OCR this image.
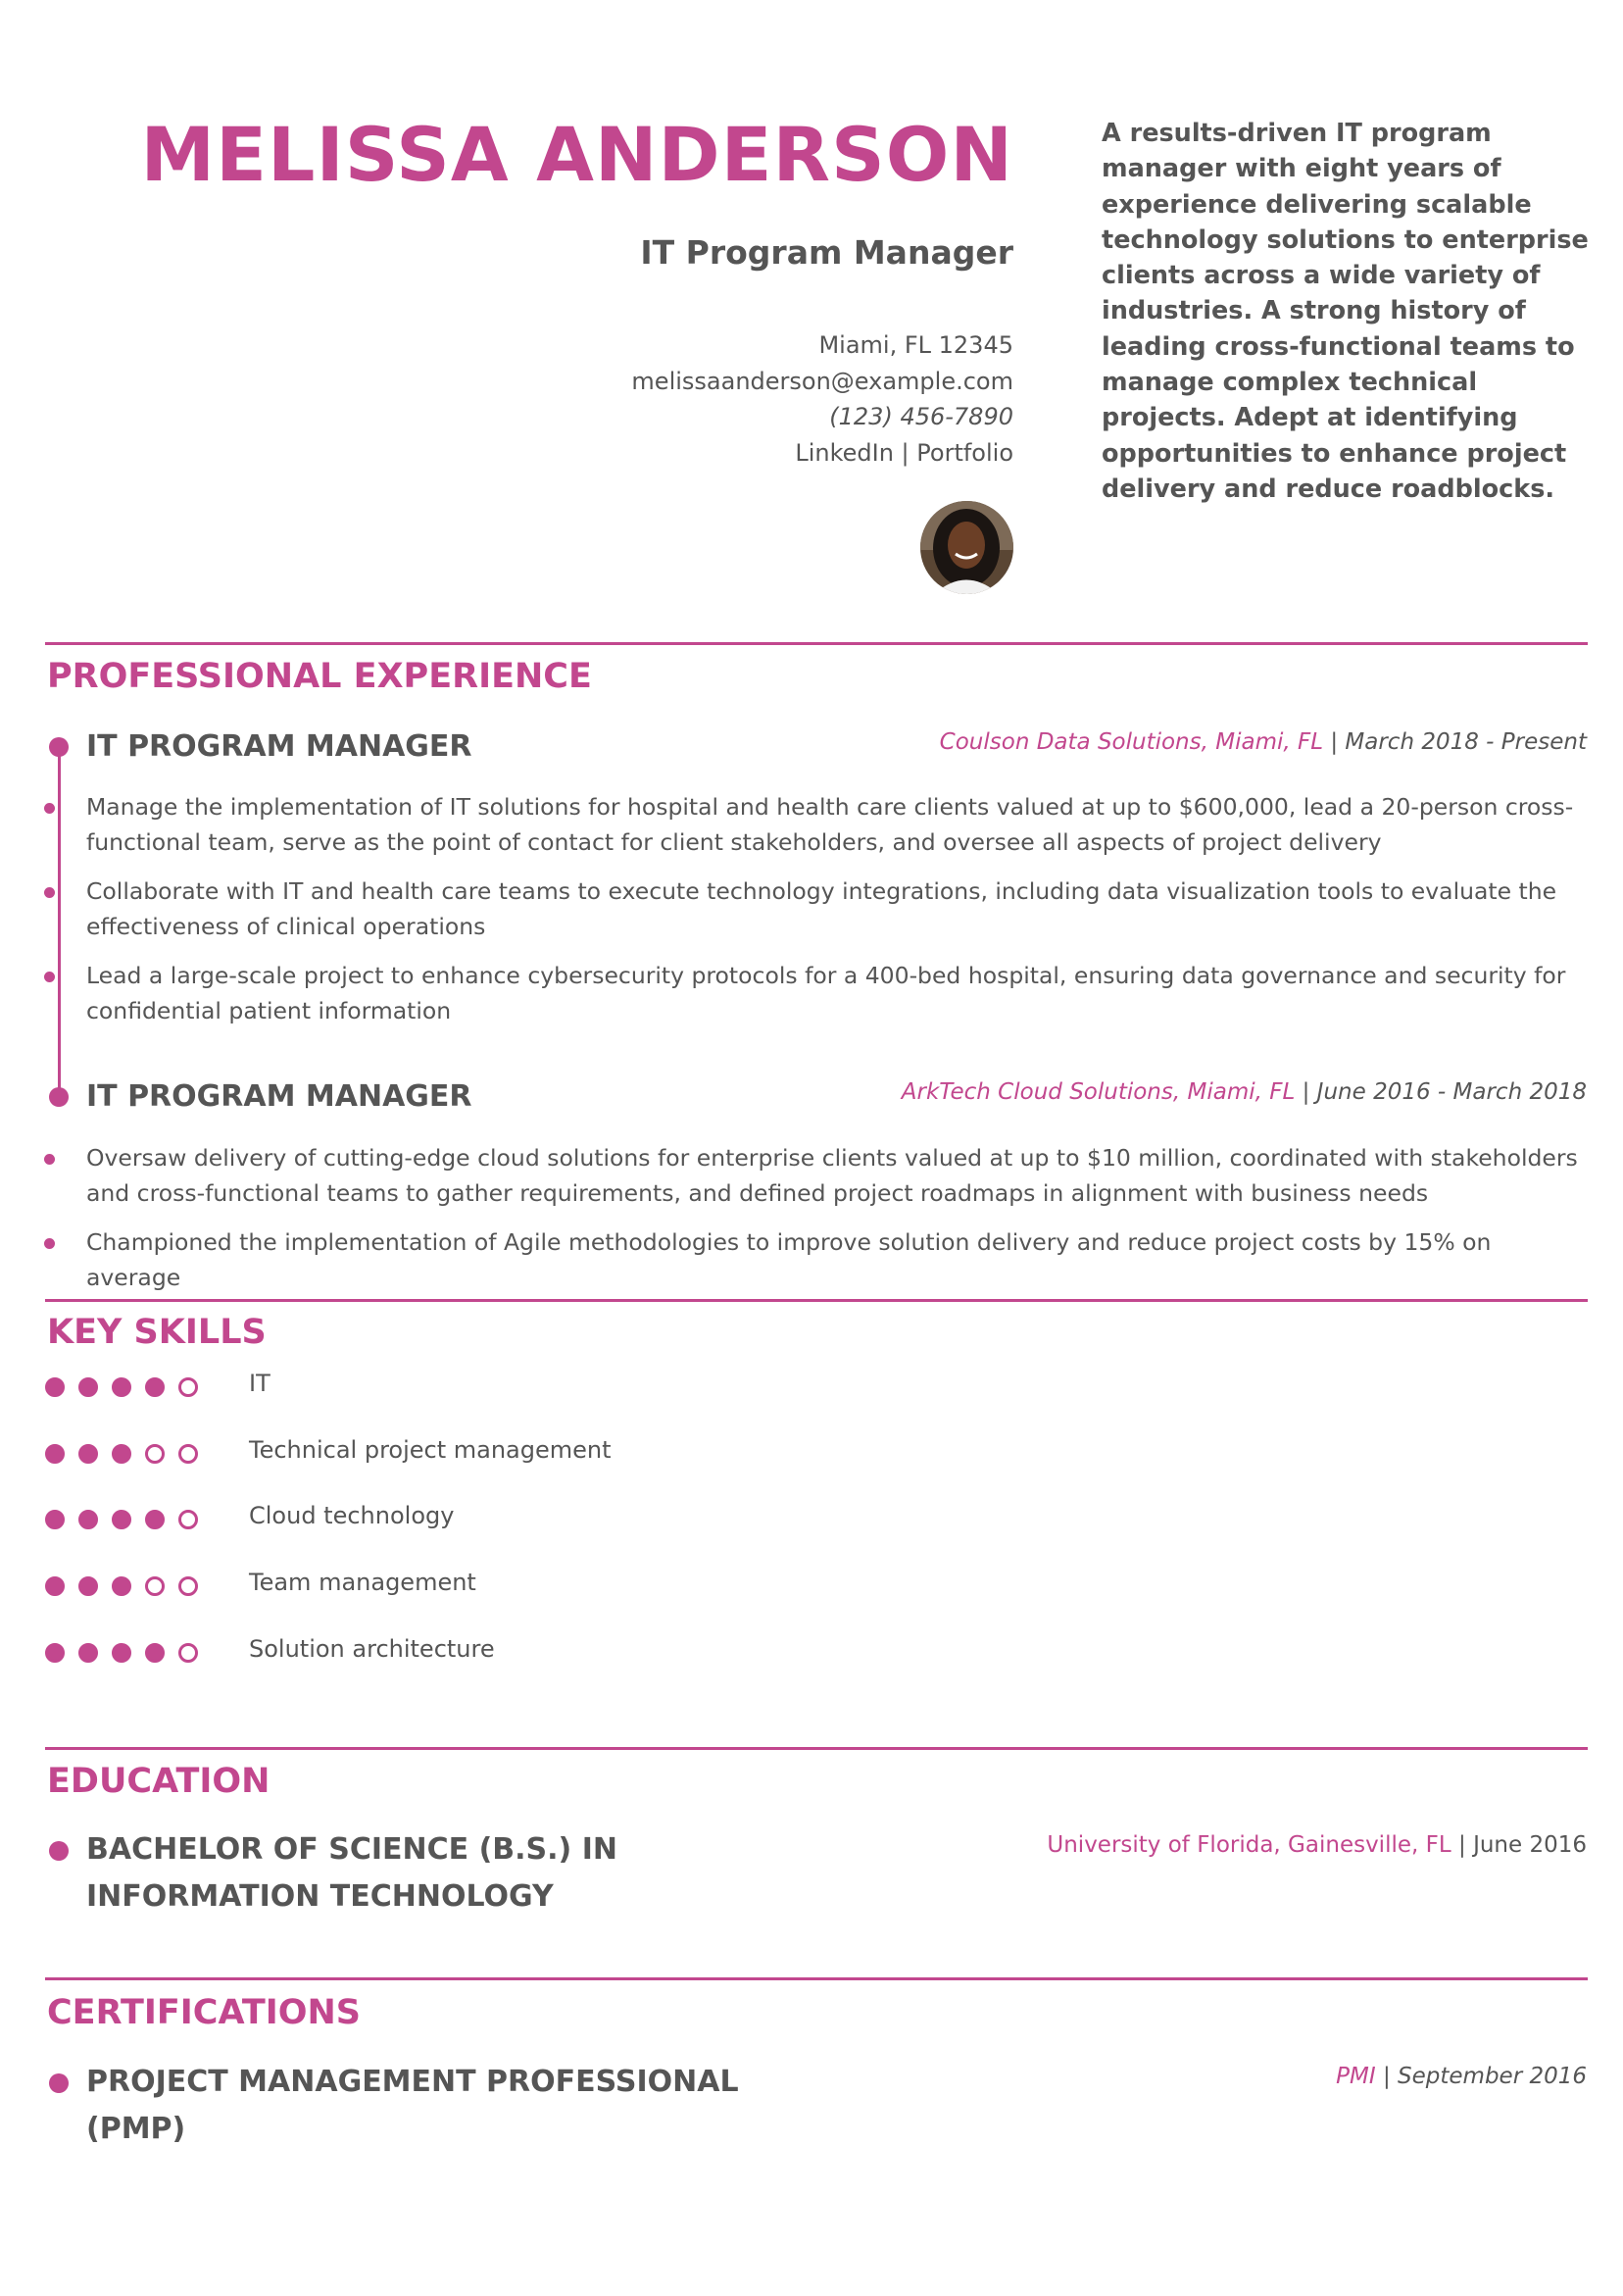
MELISSA ANDERSON
IT Program Manager
Miami, FL 12345
melissaanderson@example.com
(123) 456-7890
LinkedIn | Portfolio
A results-driven IT program manager with eight years of experience delivering scalable technology solutions to enterprise clients across a wide variety of industries. A strong history of leading cross-functional teams to manage complex technical projects. Adept at identifying opportunities to enhance project delivery and reduce roadblocks.
PROFESSIONAL EXPERIENCE
IT PROGRAM MANAGER	Coulson Data Solutions, Miami, FL | March 2018 - Present
Manage the implementation of IT solutions for hospital and health care clients valued at up to $600,000, lead a 20-person cross-functional team, serve as the point of contact for client stakeholders, and oversee all aspects of project delivery
Collaborate with IT and health care teams to execute technology integrations, including data visualization tools to evaluate the effectiveness of clinical operations
Lead a large-scale project to enhance cybersecurity protocols for a 400-bed hospital, ensuring data governance and security for confidential patient information
IT PROGRAM MANAGER	ArkTech Cloud Solutions, Miami, FL | June 2016 - March 2018
Oversaw delivery of cutting-edge cloud solutions for enterprise clients valued at up to $10 million, coordinated with stakeholders and cross-functional teams to gather requirements, and defined project roadmaps in alignment with business needs
Championed the implementation of Agile methodologies to improve solution delivery and reduce project costs by 15% on average
KEY SKILLS
IT
Technical project management
Cloud technology
Team management
Solution architecture
EDUCATION
BACHELOR OF SCIENCE (B.S.) IN INFORMATION TECHNOLOGY
University of Florida, Gainesville, FL | June 2016
CERTIFICATIONS
PROJECT MANAGEMENT PROFESSIONAL (PMP)
PMI | September 2016
